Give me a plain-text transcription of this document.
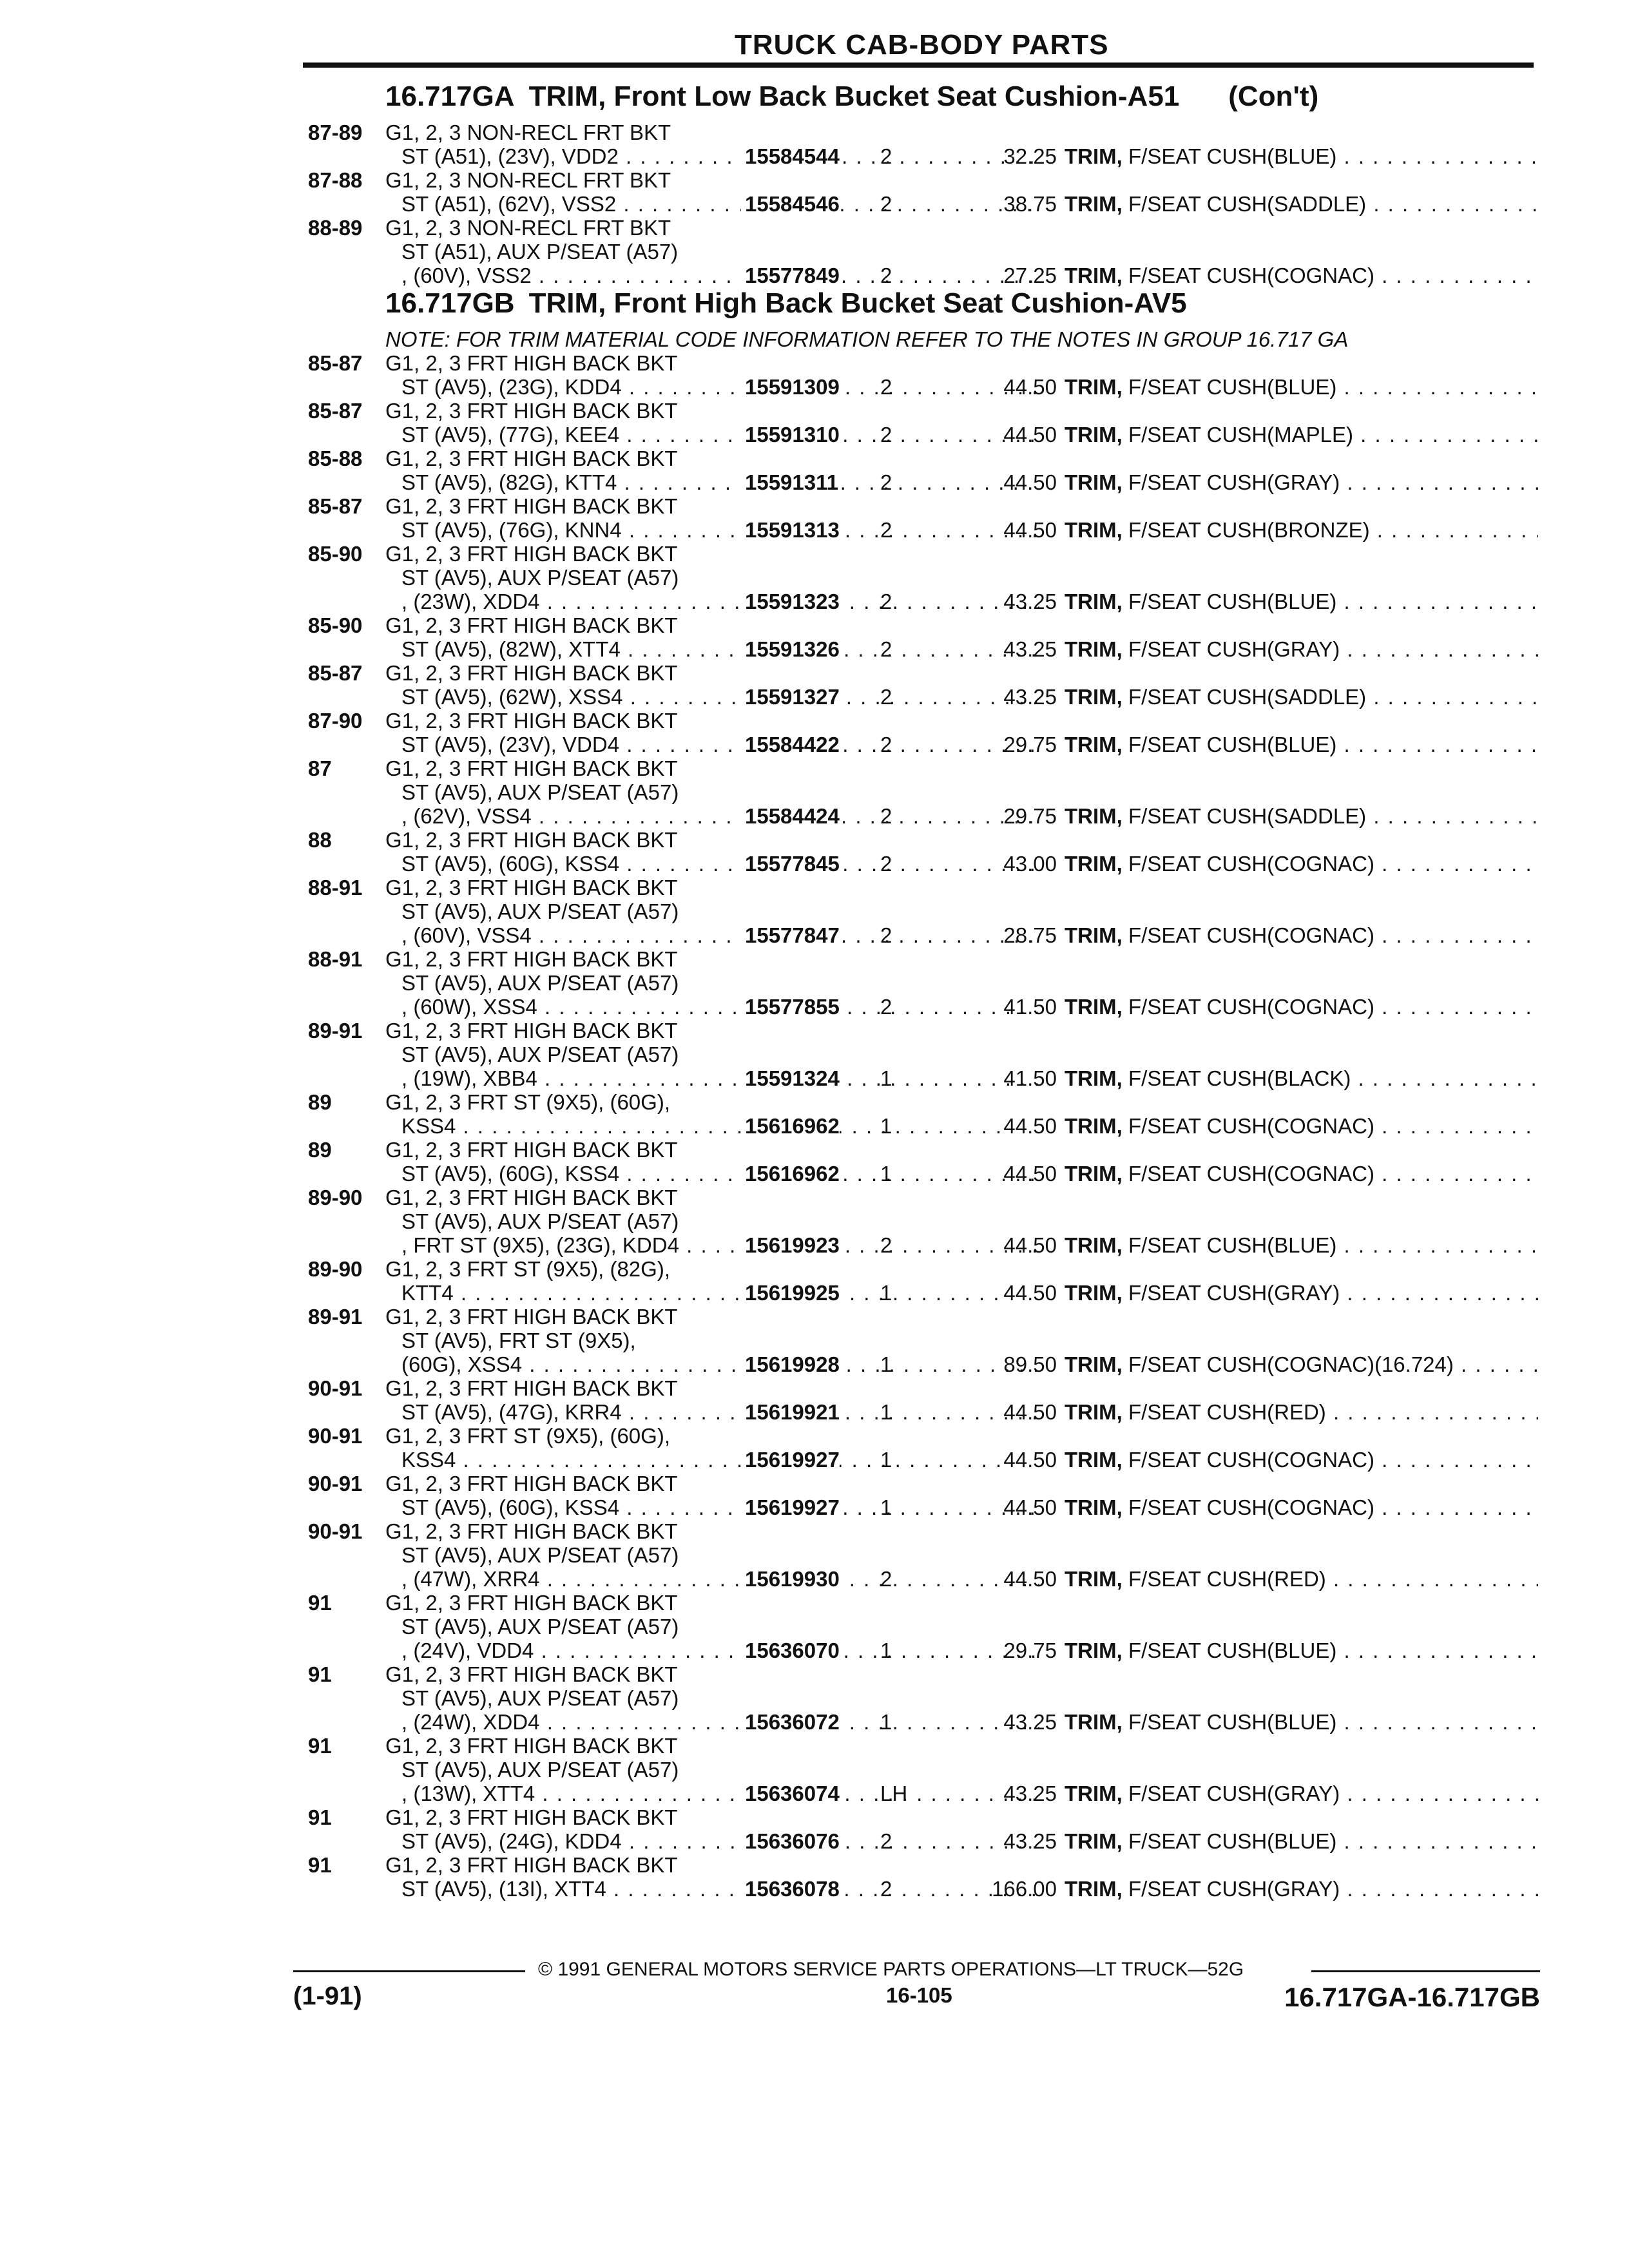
TRUCK CAB-BODY PARTS
16.717GA TRIM, Front Low Back Bucket Seat Cushion-A51 (Con't)
87-89 G1, 2, 3 NON-RECL FRT BKT
ST (A51), (23V), VDD2 . . .	15584544 2	32.25 TRIM, F/SEAT CUSH(BLUE) . . .
87-88 G1, 2, 3 NON-RECL FRT BKT
ST (A51), (62V), VSS2 . . .	15584546 2	38.75 TRIM, F/SEAT CUSH(SADDLE) . . .
88-89 G1, 2, 3 NON-RECL FRT BKT
ST (A51), AUX P/SEAT (A57)
, (60V), VSS2 . . .	15577849 2	27.25 TRIM, F/SEAT CUSH(COGNAC) . . .
16.717GB TRIM, Front High Back Bucket Seat Cushion-AV5
NOTE: FOR TRIM MATERIAL CODE INFORMATION REFER TO THE NOTES IN GROUP 16.717 GA
85-87 G1, 2, 3 FRT HIGH BACK BKT
ST (AV5), (23G), KDD4 . . .	15591309 2	44.50 TRIM, F/SEAT CUSH(BLUE) . . .
85-87 G1, 2, 3 FRT HIGH BACK BKT
ST (AV5), (77G), KEE4 . . .	15591310 2	44.50 TRIM, F/SEAT CUSH(MAPLE) . . .
85-88 G1, 2, 3 FRT HIGH BACK BKT
ST (AV5), (82G), KTT4 . . .	15591311 2	44.50 TRIM, F/SEAT CUSH(GRAY) . . .
85-87 G1, 2, 3 FRT HIGH BACK BKT
ST (AV5), (76G), KNN4 . . .	15591313 2	44.50 TRIM, F/SEAT CUSH(BRONZE) . . .
85-90 G1, 2, 3 FRT HIGH BACK BKT
ST (AV5), AUX P/SEAT (A57)
, (23W), XDD4 . . .	15591323 2	43.25 TRIM, F/SEAT CUSH(BLUE) . . .
85-90 G1, 2, 3 FRT HIGH BACK BKT
ST (AV5), (82W), XTT4 . . .	15591326 2	43.25 TRIM, F/SEAT CUSH(GRAY) . . .
85-87 G1, 2, 3 FRT HIGH BACK BKT
ST (AV5), (62W), XSS4 . . .	15591327 2	43.25 TRIM, F/SEAT CUSH(SADDLE) . . .
87-90 G1, 2, 3 FRT HIGH BACK BKT
ST (AV5), (23V), VDD4 . . .	15584422 2	29.75 TRIM, F/SEAT CUSH(BLUE) . . .
87	G1, 2, 3 FRT HIGH BACK BKT
ST (AV5), AUX P/SEAT (A57)
, (62V), VSS4 . . .	15584424 2	29.75 TRIM, F/SEAT CUSH(SADDLE) . . .
88	G1, 2, 3 FRT HIGH BACK BKT
ST (AV5), (60G), KSS4 . . .	15577845 2	43.00 TRIM, F/SEAT CUSH(COGNAC) . . .
88-91 G1, 2, 3 FRT HIGH BACK BKT
ST (AV5), AUX P/SEAT (A57)
, (60V), VSS4 . . .	15577847 2	28.75 TRIM, F/SEAT CUSH(COGNAC) . . .
88-91 G1, 2, 3 FRT HIGH BACK BKT
ST (AV5), AUX P/SEAT (A57)
, (60W), XSS4 . . .	15577855 2	41.50 TRIM, F/SEAT CUSH(COGNAC) . . .
89-91 G1, 2, 3 FRT HIGH BACK BKT
ST (AV5), AUX P/SEAT (A57)
, (19W), XBB4 . . .	15591324 1	41.50 TRIM, F/SEAT CUSH(BLACK) . . .
89	G1, 2, 3 FRT ST (9X5), (60G),
KSS4 . . .	15616962 1	44.50 TRIM, F/SEAT CUSH(COGNAC) . . .
89	G1, 2, 3 FRT HIGH BACK BKT
ST (AV5), (60G), KSS4 . . .	15616962 1	44.50 TRIM, F/SEAT CUSH(COGNAC) . . .
89-90 G1, 2, 3 FRT HIGH BACK BKT
ST (AV5), AUX P/SEAT (A57)
, FRT ST (9X5), (23G), KDD4 . . .	15619923 2	44.50 TRIM, F/SEAT CUSH(BLUE) . . .
89-90 G1, 2, 3 FRT ST (9X5), (82G),
KTT4 . . .	15619925 1	44.50 TRIM, F/SEAT CUSH(GRAY) . . .
89-91 G1, 2, 3 FRT HIGH BACK BKT
ST (AV5), FRT ST (9X5),
(60G), XSS4 . . .	15619928 1	89.50 TRIM, F/SEAT CUSH(COGNAC)(16.724) . . .
90-91 G1, 2, 3 FRT HIGH BACK BKT
ST (AV5), (47G), KRR4 . . .	15619921 1	44.50 TRIM, F/SEAT CUSH(RED) . . .
90-91 G1, 2, 3 FRT ST (9X5), (60G),
KSS4 . . .	15619927 1	44.50 TRIM, F/SEAT CUSH(COGNAC) . . .
90-91 G1, 2, 3 FRT HIGH BACK BKT
ST (AV5), (60G), KSS4 . . .	15619927 1	44.50 TRIM, F/SEAT CUSH(COGNAC) . . .
90-91 G1, 2, 3 FRT HIGH BACK BKT
ST (AV5), AUX P/SEAT (A57)
, (47W), XRR4 . . .	15619930 2	44.50 TRIM, F/SEAT CUSH(RED) . . .
91	G1, 2, 3 FRT HIGH BACK BKT
ST (AV5), AUX P/SEAT (A57)
, (24V), VDD4 . . .	15636070 1	29.75 TRIM, F/SEAT CUSH(BLUE) . . .
91	G1, 2, 3 FRT HIGH BACK BKT
ST (AV5), AUX P/SEAT (A57)
, (24W), XDD4 . . .	15636072 1	43.25 TRIM, F/SEAT CUSH(BLUE) . . .
91	G1, 2, 3 FRT HIGH BACK BKT
ST (AV5), AUX P/SEAT (A57)
, (13W), XTT4 . . .	15636074 LH	43.25 TRIM, F/SEAT CUSH(GRAY) . . .
91	G1, 2, 3 FRT HIGH BACK BKT
ST (AV5), (24G), KDD4 . . .	15636076 2	43.25 TRIM, F/SEAT CUSH(BLUE) . . .
91	G1, 2, 3 FRT HIGH BACK BKT
ST (AV5), (13I), XTT4 . . .	15636078 2	166.00 TRIM, F/SEAT CUSH(GRAY) . . .
© 1991 GENERAL MOTORS SERVICE PARTS OPERATIONS—LT TRUCK—52G
(1-91)	16-105	16.717GA-16.717GB
